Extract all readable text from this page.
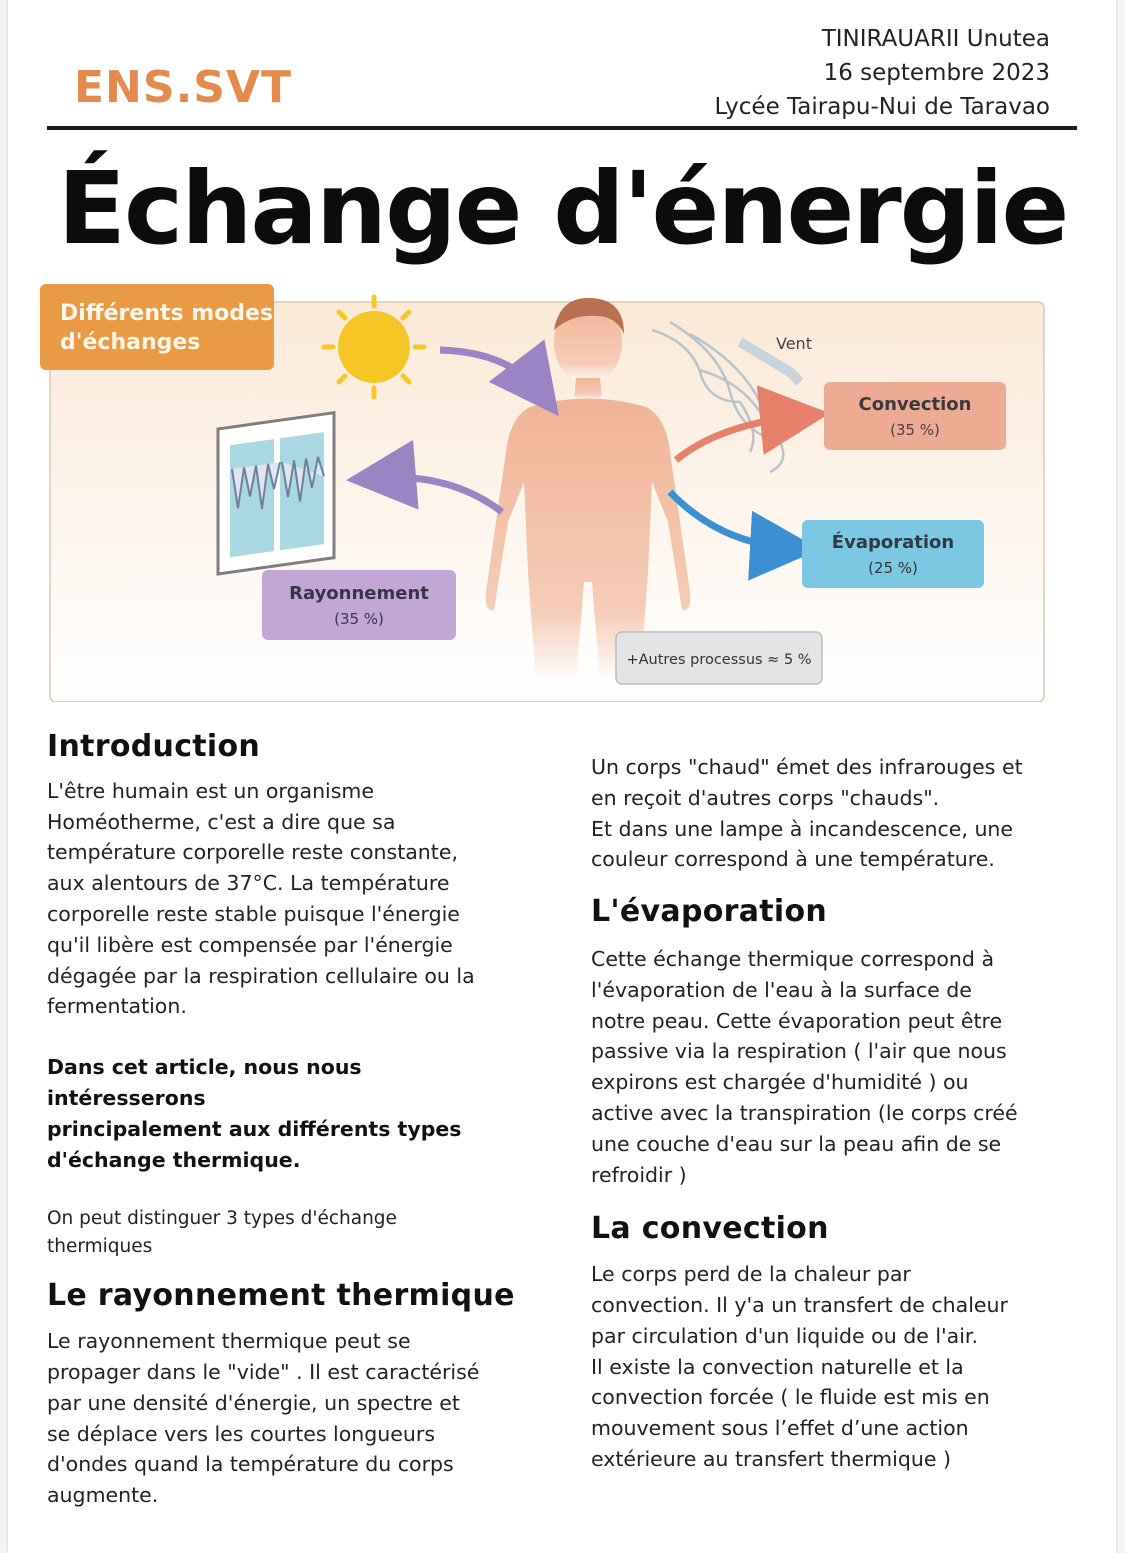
ENS.SVT
TINIRAUARII Unutea
16 septembre 2023
Lycée Tairapu-Nui de Taravao
Échange d'énergie
Vent
Différents modes
d'échanges
Convection
(35 %)
Évaporation
(25 %)
Rayonnement
(35 %)
+Autres processus ≈ 5 %
Introduction

L'être humain est un organisme
Homéotherme, c'est a dire que sa
température corporelle reste constante,
aux alentours de 37°C. La température
corporelle reste stable puisque l'énergie
qu'il libère est compensée par l'énergie
dégagée par la respiration cellulaire ou la
fermentation.

Dans cet article, nous nous intéresserons
principalement aux différents types
d'échange thermique.

On peut distinguer 3 types d'échange
thermiques

Le rayonnement thermique

Le rayonnement thermique peut se
propager dans le "vide" . Il est caractérisé
par une densité d'énergie, un spectre et
se déplace vers les courtes longueurs
d'ondes quand la température du corps
augmente.

Un corps "chaud" émet des infrarouges et
en reçoit d'autres corps "chauds".
Et dans une lampe à incandescence, une
couleur correspond à une température.

L'évaporation

Cette échange thermique correspond à
l'évaporation de l'eau à la surface de
notre peau. Cette évaporation peut être
passive via la respiration ( l'air que nous
expirons est chargée d'humidité ) ou
active avec la transpiration (le corps créé
une couche d'eau sur la peau afin de se
refroidir )

La convection

Le corps perd de la chaleur par
convection. Il y'a un transfert de chaleur
par circulation d'un liquide ou de l'air.
Il existe la convection naturelle et la
convection forcée ( le fluide est mis en
mouvement sous l’effet d’une action
extérieure au transfert thermique )
